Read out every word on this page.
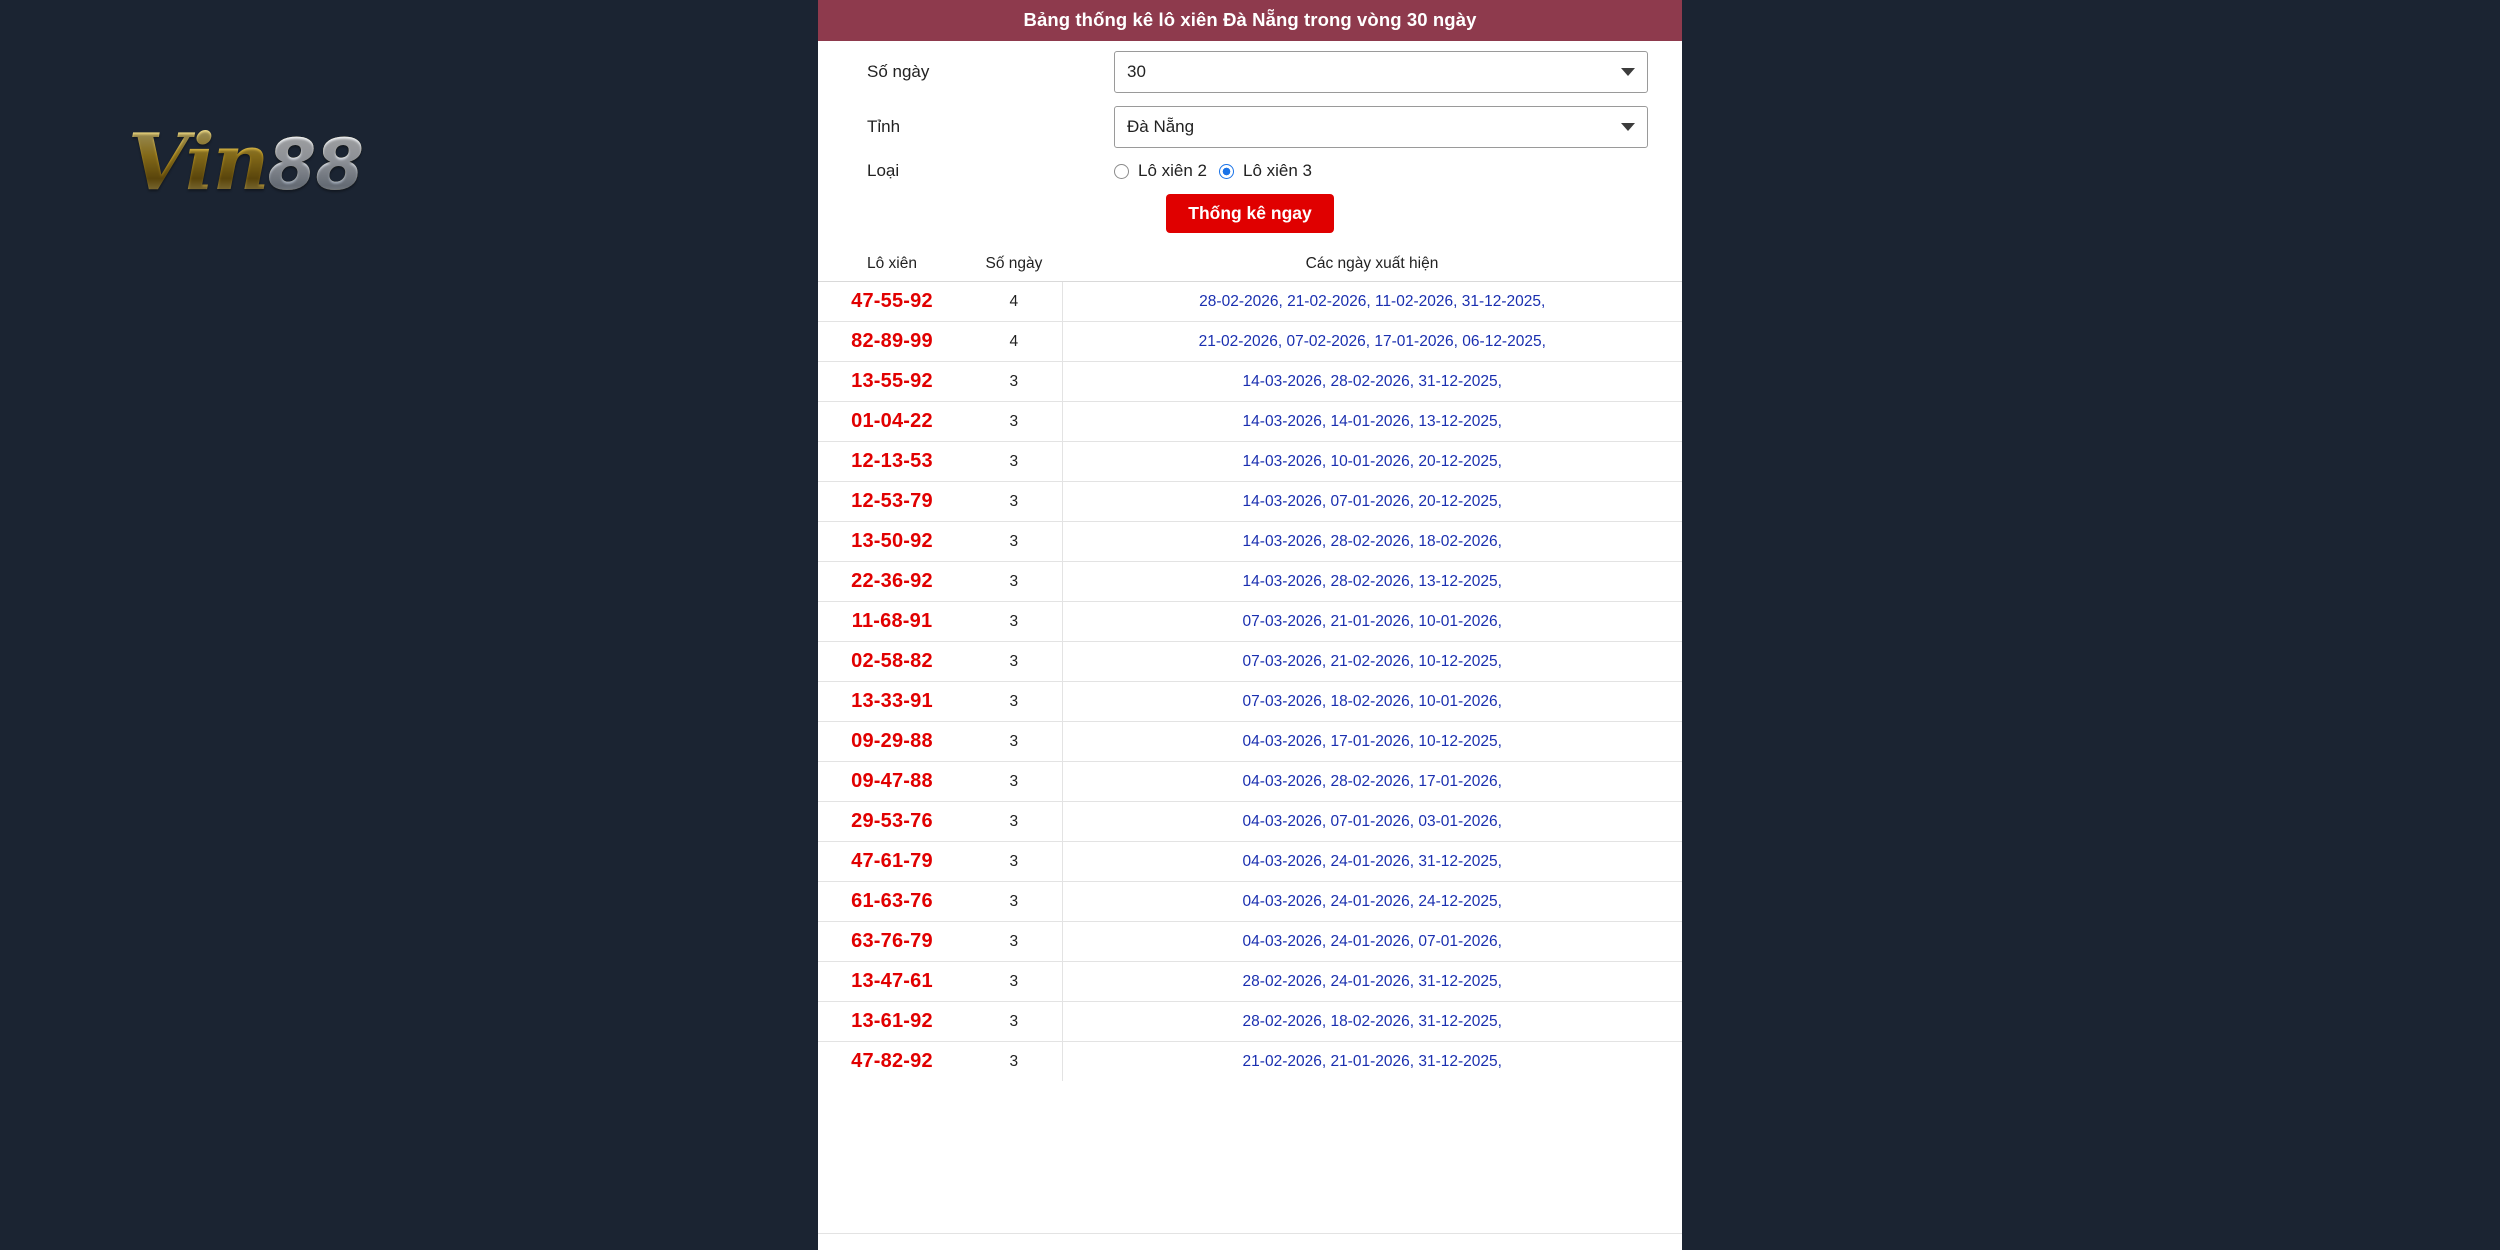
Vin88
Bảng thống kê lô xiên Đà Nẵng trong vòng 30 ngày
Số ngày	30
Tỉnh	Đà Nẵng
Loại	Lô xiên 2 Lô xiên 3
Thống kê ngay
Lô xiên	Số ngày	Các ngày xuất hiện
47-55-92	4	28-02-2026, 21-02-2026, 11-02-2026, 31-12-2025,
82-89-99	4	21-02-2026, 07-02-2026, 17-01-2026, 06-12-2025,
13-55-92	3	14-03-2026, 28-02-2026, 31-12-2025,
01-04-22	3	14-03-2026, 14-01-2026, 13-12-2025,
12-13-53	3	14-03-2026, 10-01-2026, 20-12-2025,
12-53-79	3	14-03-2026, 07-01-2026, 20-12-2025,
13-50-92	3	14-03-2026, 28-02-2026, 18-02-2026,
22-36-92	3	14-03-2026, 28-02-2026, 13-12-2025,
11-68-91	3	07-03-2026, 21-01-2026, 10-01-2026,
02-58-82	3	07-03-2026, 21-02-2026, 10-12-2025,
13-33-91	3	07-03-2026, 18-02-2026, 10-01-2026,
09-29-88	3	04-03-2026, 17-01-2026, 10-12-2025,
09-47-88	3	04-03-2026, 28-02-2026, 17-01-2026,
29-53-76	3	04-03-2026, 07-01-2026, 03-01-2026,
47-61-79	3	04-03-2026, 24-01-2026, 31-12-2025,
61-63-76	3	04-03-2026, 24-01-2026, 24-12-2025,
63-76-79	3	04-03-2026, 24-01-2026, 07-01-2026,
13-47-61	3	28-02-2026, 24-01-2026, 31-12-2025,
13-61-92	3	28-02-2026, 18-02-2026, 31-12-2025,
47-82-92	3	21-02-2026, 21-01-2026, 31-12-2025,
